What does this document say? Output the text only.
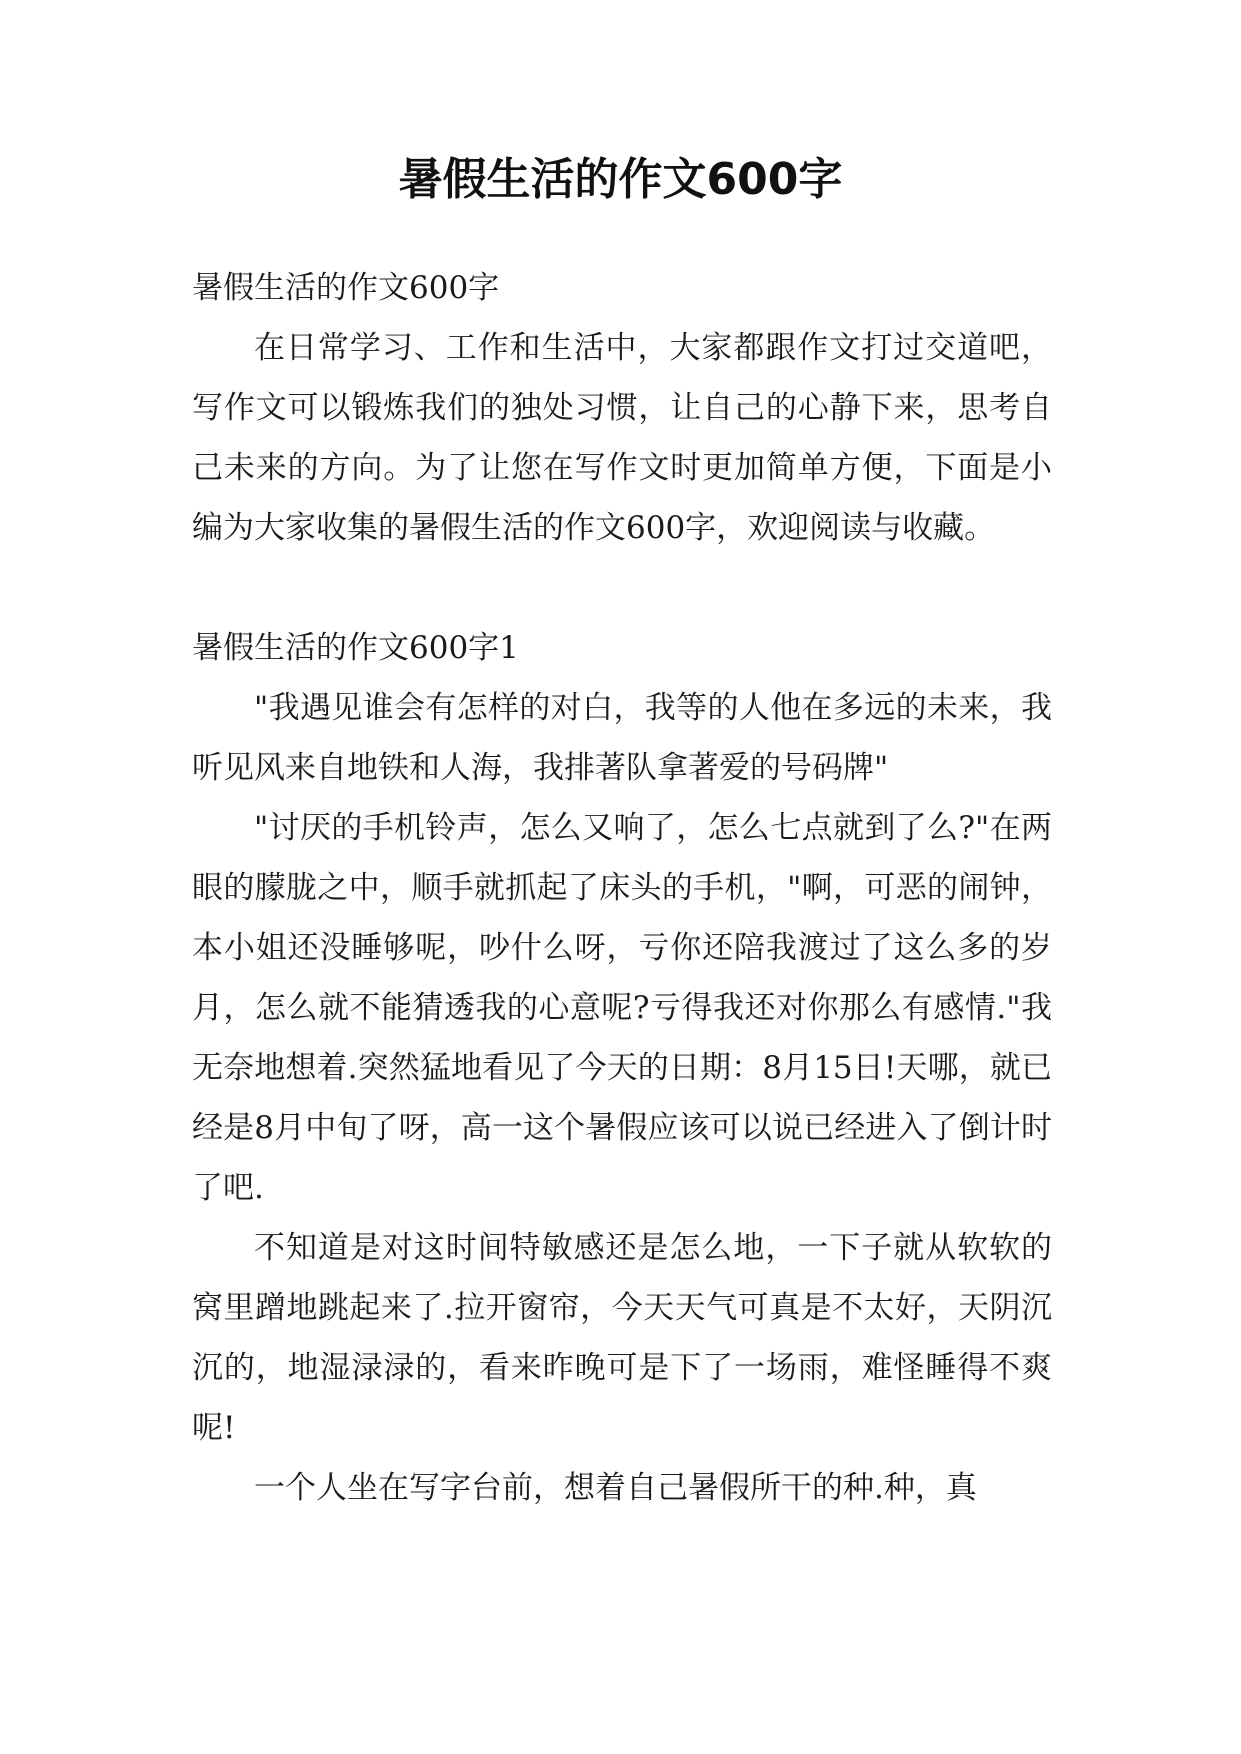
暑假生活的作文600字

暑假生活的作文600字

在日常学习、工作和生活中，大家都跟作文打过交道吧，写作文可以锻炼我们的独处习惯，让自己的心静下来，思考自己未来的方向。为了让您在写作文时更加简单方便，下面是小编为大家收集的暑假生活的作文600字，欢迎阅读与收藏。

暑假生活的作文600字1

"我遇见谁会有怎样的对白，我等的人他在多远的未来，我听见风来自地铁和人海，我排著队拿著爱的号码牌"

"讨厌的手机铃声，怎么又响了，怎么七点就到了么?"在两眼的朦胧之中，顺手就抓起了床头的手机，"啊，可恶的闹钟，本小姐还没睡够呢，吵什么呀，亏你还陪我渡过了这么多的岁月，怎么就不能猜透我的心意呢?亏得我还对你那么有感情."我无奈地想着.突然猛地看见了今天的日期：8月15日!天哪，就已经是8月中旬了呀，高一这个暑假应该可以说已经进入了倒计时了吧.

不知道是对这时间特敏感还是怎么地，一下子就从软软的窝里蹭地跳起来了.拉开窗帘，今天天气可真是不太好，天阴沉沉的，地湿渌渌的，看来昨晚可是下了一场雨，难怪睡得不爽呢!

一个人坐在写字台前，想着自己暑假所干的种.种，真
